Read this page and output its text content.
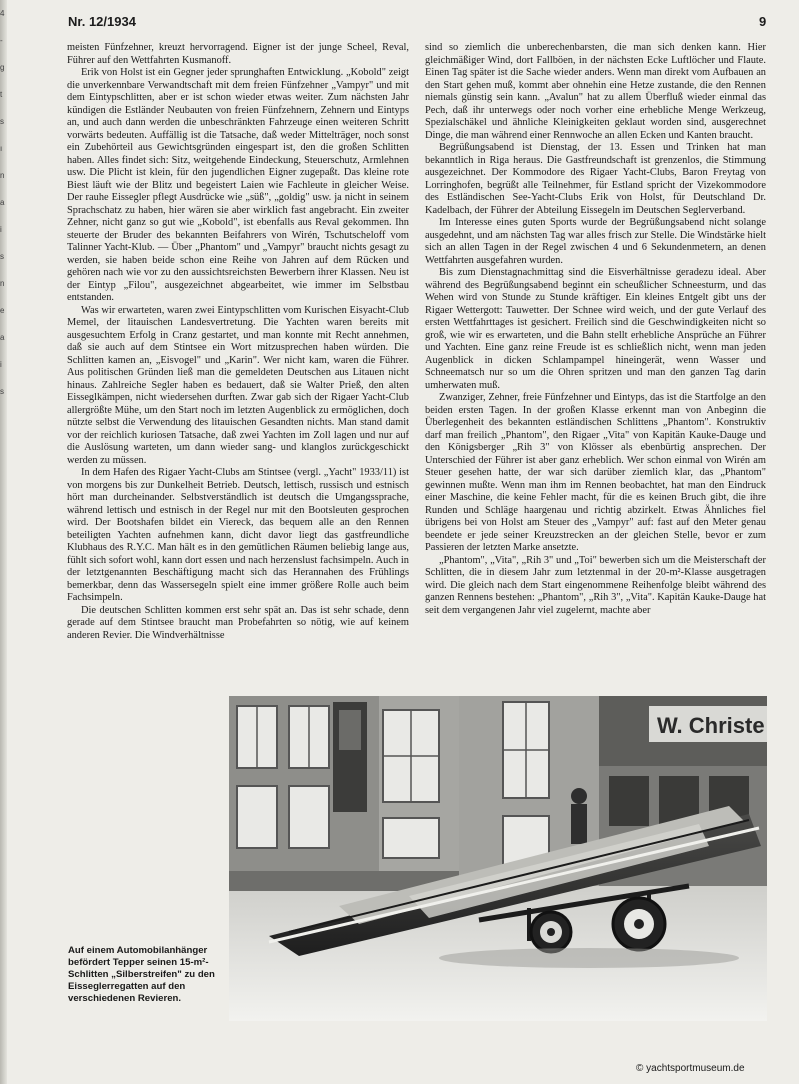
4
-
g
t
s
ı
n
a
i
s
n
e
a
i
s
Nr. 12/1934	9

meisten Fünfzehner, kreuzt hervorragend. Eigner ist der junge Scheel, Reval, Führer auf den Wettfahrten Kusmanoff.

Erik von Holst ist ein Gegner jeder sprunghaften Entwicklung. „Kobold" zeigt die unverkennbare Verwandtschaft mit dem freien Fünfzehner „Vampyr" und mit dem Eintypschlitten, aber er ist schon wieder etwas weiter. Zum nächsten Jahr kündigen die Estländer Neubauten von freien Fünfzehnern, Zehnern und Eintyps an, und auch dann werden die unbeschränkten Fahrzeuge einen weiteren Schritt vorwärts bedeuten. Auffällig ist die Tatsache, daß weder Mittelträger, noch sonst ein Zubehörteil aus Gewichtsgründen eingespart ist, den die großen Schlitten haben. Alles findet sich: Sitz, weitgehende Eindeckung, Steuerschutz, Armlehnen usw. Die Plicht ist klein, für den jugendlichen Eigner zugepaßt. Das kleine rote Biest läuft wie der Blitz und begeistert Laien wie Fachleute in gleicher Weise. Der rauhe Eissegler pflegt Ausdrücke wie „süß", „goldig" usw. ja nicht in seinem Sprachschatz zu haben, hier wären sie aber wirklich fast angebracht. Ein zweiter Zehner, nicht ganz so gut wie „Kobold", ist ebenfalls aus Reval gekommen. Ihn steuerte der Bruder des bekannten Beifahrers von Wirén, Tschutscheloff vom Talinner Yacht-Klub. — Über „Phantom" und „Vampyr" braucht nichts gesagt zu werden, sie haben beide schon eine Reihe von Jahren auf dem Rücken und gehören nach wie vor zu den aussichtsreichsten Bewerbern ihrer Klassen. Neu ist der Eintyp „Filou", ausgezeichnet abgearbeitet, wie immer im Selbstbau entstanden.

Was wir erwarteten, waren zwei Eintypschlitten vom Kurischen Eisyacht-Club Memel, der litauischen Landesvertretung. Die Yachten waren bereits mit ausgesuchtem Erfolg in Cranz gestartet, und man konnte mit Recht annehmen, daß sie auch auf dem Stintsee ein Wort mitzusprechen haben würden. Die Schlitten kamen an, „Eisvogel" und „Karin". Wer nicht kam, waren die Führer. Aus politischen Gründen ließ man die gemeldeten Deutschen aus Litauen nicht hinaus. Zahlreiche Segler haben es bedauert, daß sie Walter Prieß, den alten Eisseglkämpen, nicht wiedersehen durften. Zwar gab sich der Rigaer Yacht-Club allergrößte Mühe, um den Start noch im letzten Augenblick zu ermöglichen, doch nützte selbst die Verwendung des litauischen Gesandten nichts. Man stand damit vor der reichlich kuriosen Tatsache, daß zwei Yachten im Zoll lagen und nur auf die Auslösung warteten, um dann wieder sang- und klanglos zurückgeschickt werden zu müssen.

In dem Hafen des Rigaer Yacht-Clubs am Stintsee (vergl. „Yacht" 1933/11) ist von morgens bis zur Dunkelheit Betrieb. Deutsch, lettisch, russisch und estnisch hört man durcheinander. Selbstverständlich ist deutsch die Umgangssprache, während lettisch und estnisch in der Regel nur mit den Bootsleuten gesprochen wird. Der Bootshafen bildet ein Viereck, das bequem alle an den Rennen beteiligten Yachten aufnehmen kann, dicht davor liegt das gastfreundliche Klubhaus des R.Y.C. Man hält es in den gemütlichen Räumen beliebig lange aus, fühlt sich sofort wohl, kann dort essen und nach herzenslust fachsimpeln. Auch in der letztgenannten Beschäftigung macht sich das Herannahen des Frühlings bemerkbar, denn das Wassersegeln spielt eine immer größere Rolle auch beim Fachsimpeln.

Die deutschen Schlitten kommen erst sehr spät an. Das ist sehr schade, denn gerade auf dem Stintsee braucht man Probefahrten so nötig, wie auf keinem anderen Revier. Die Windverhältnisse

sind so ziemlich die unberechenbarsten, die man sich denken kann. Hier gleichmäßiger Wind, dort Fallböen, in der nächsten Ecke Luftlöcher und Flaute. Einen Tag später ist die Sache wieder anders. Wenn man direkt vom Aufbauen an den Start gehen muß, kommt aber ohnehin eine Hetze zustande, die den Rennen niemals günstig sein kann. „Avalun" hat zu allem Überfluß wieder einmal das Pech, daß ihr unterwegs oder noch vorher eine erhebliche Menge Werkzeug, Spezialschäkel und ähnliche Kleinigkeiten geklaut worden sind, ausgerechnet Dinge, die man während einer Rennwoche an allen Ecken und Kanten braucht.

Begrüßungsabend ist Dienstag, der 13. Essen und Trinken hat man bekanntlich in Riga heraus. Die Gastfreundschaft ist grenzenlos, die Stimmung ausgezeichnet. Der Kommodore des Rigaer Yacht-Clubs, Baron Freytag von Lorringhofen, begrüßt alle Teilnehmer, für Estland spricht der Vizekommodore des Estländischen See-Yacht-Clubs Erik von Holst, für Deutschland Dr. Kadelbach, der Führer der Abteilung Eissegeln im Deutschen Seglerverband.

Im Interesse eines guten Sports wurde der Begrüßungsabend nicht solange ausgedehnt, und am nächsten Tag war alles frisch zur Stelle. Die Windstärke hielt sich an allen Tagen in der Regel zwischen 4 und 6 Sekundenmetern, an denen Wettfahrten ausgefahren wurden.

Bis zum Dienstagnachmittag sind die Eisverhältnisse geradezu ideal. Aber während des Begrüßungsabend beginnt ein scheußlicher Schneesturm, und das Wehen wird von Stunde zu Stunde kräftiger. Ein kleines Entgelt gibt uns der Rigaer Wettergott: Tauwetter. Der Schnee wird weich, und der gute Verlauf des ersten Wettfahrttages ist gesichert. Freilich sind die Geschwindigkeiten nicht so groß, wie wir es erwarteten, und die Bahn stellt erhebliche Ansprüche an Führer und Yachten. Eine ganz reine Freude ist es schließlich nicht, wenn man jeden Augenblick in dicken Schlampampel hineingerät, wenn Wasser und Schneematsch nur so um die Ohren spritzen und man den ganzen Tag darin umherwaten muß.

Zwanziger, Zehner, freie Fünfzehner und Eintyps, das ist die Startfolge an den beiden ersten Tagen. In der großen Klasse erkennt man von Anbeginn die Überlegenheit des bekannten estländischen Schlittens „Phantom". Konstruktiv darf man freilich „Phantom", den Rigaer „Vita" von Kapitän Kauke-Dauge und den Königsberger „Rih 3" von Klösser als ebenbürtig ansprechen. Der Unterschied der Führer ist aber ganz erheblich. Wer schon einmal von Wirén am Steuer gesehen hatte, der war sich darüber ziemlich klar, das „Phantom" gewinnen mußte. Wenn man ihm im Rennen beobachtet, hat man den Eindruck einer Maschine, die keine Fehler macht, für die es keinen Bruch gibt, die ihre Runden und Schläge haargenau und richtig abzirkelt. Etwas Ähnliches fiel übrigens bei von Holst am Steuer des „Vampyr" auf: fast auf den Meter genau beendete er jede seiner Kreuzstrecken an der gleichen Stelle, bevor er zum Passieren der letzten Marke ansetzte.

„Phantom", „Vita", „Rih 3" und „Toi" bewerben sich um die Meisterschaft der Schlitten, die in diesem Jahr zum letztenmal in der 20-m²-Klasse ausgetragen wird. Die gleich nach dem Start eingenommene Reihenfolge bleibt während des ganzen Rennens bestehen: „Phantom", „Rih 3", „Vita". Kapitän Kauke-Dauge hat seit dem vergangenen Jahr viel zugelernt, machte aber

W. Christe
Auf einem Automobilanhänger befördert Tepper seinen 15-m²-Schlitten „Silberstreifen" zu den Eisseglerregatten auf den verschiedenen Revieren.
© yachtsportmuseum.de
